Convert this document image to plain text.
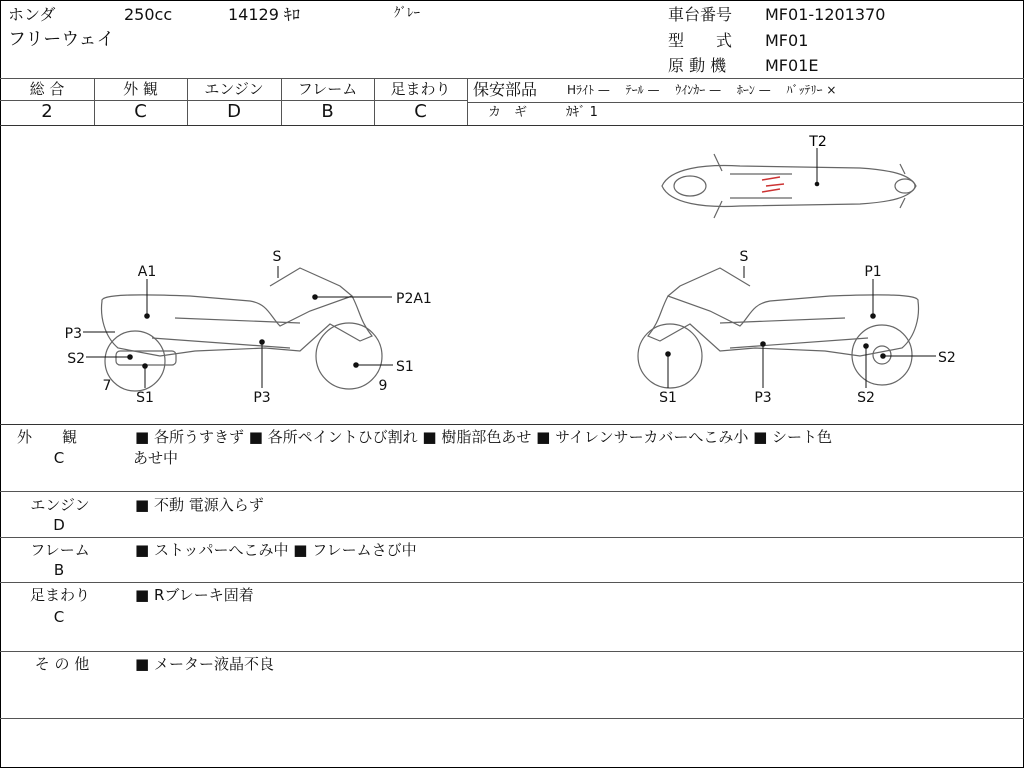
ホンダ	250cc	14129 ｷﾛ	ｸﾞﾚｰ
フリーウェイ
車台番号 MF01-1201370
型　　式 MF01
原 動 機 MF01E
総 合
2
外 観
C
エンジン
D
フレーム
B
足まわり
C
保安部品 Hﾗｲﾄ —　 ﾃｰﾙ —　 ｳｲﾝｶｰ —　 ﾎｰﾝ —　 ﾊﾞｯﾃﾘｰ ×
カ　ギ	ｶｷﾞ 1
T2
S
A1
P2A1
P3
S2	S1
7
S1	P3
9
S
P1
S2
S1	P3	S2
外　　観
C
■ 各所うすきず ■ 各所ペイントひび割れ ■ 樹脂部色あせ ■ サイレンサーカバーへこみ小 ■ シート色
あせ中
エンジン
D
■ 不動 電源入らず
フレーム
B
■ ストッパーへこみ中 ■ フレームさび中
足まわり
C
■ Rブレーキ固着
そ の 他	■ メーター液晶不良
